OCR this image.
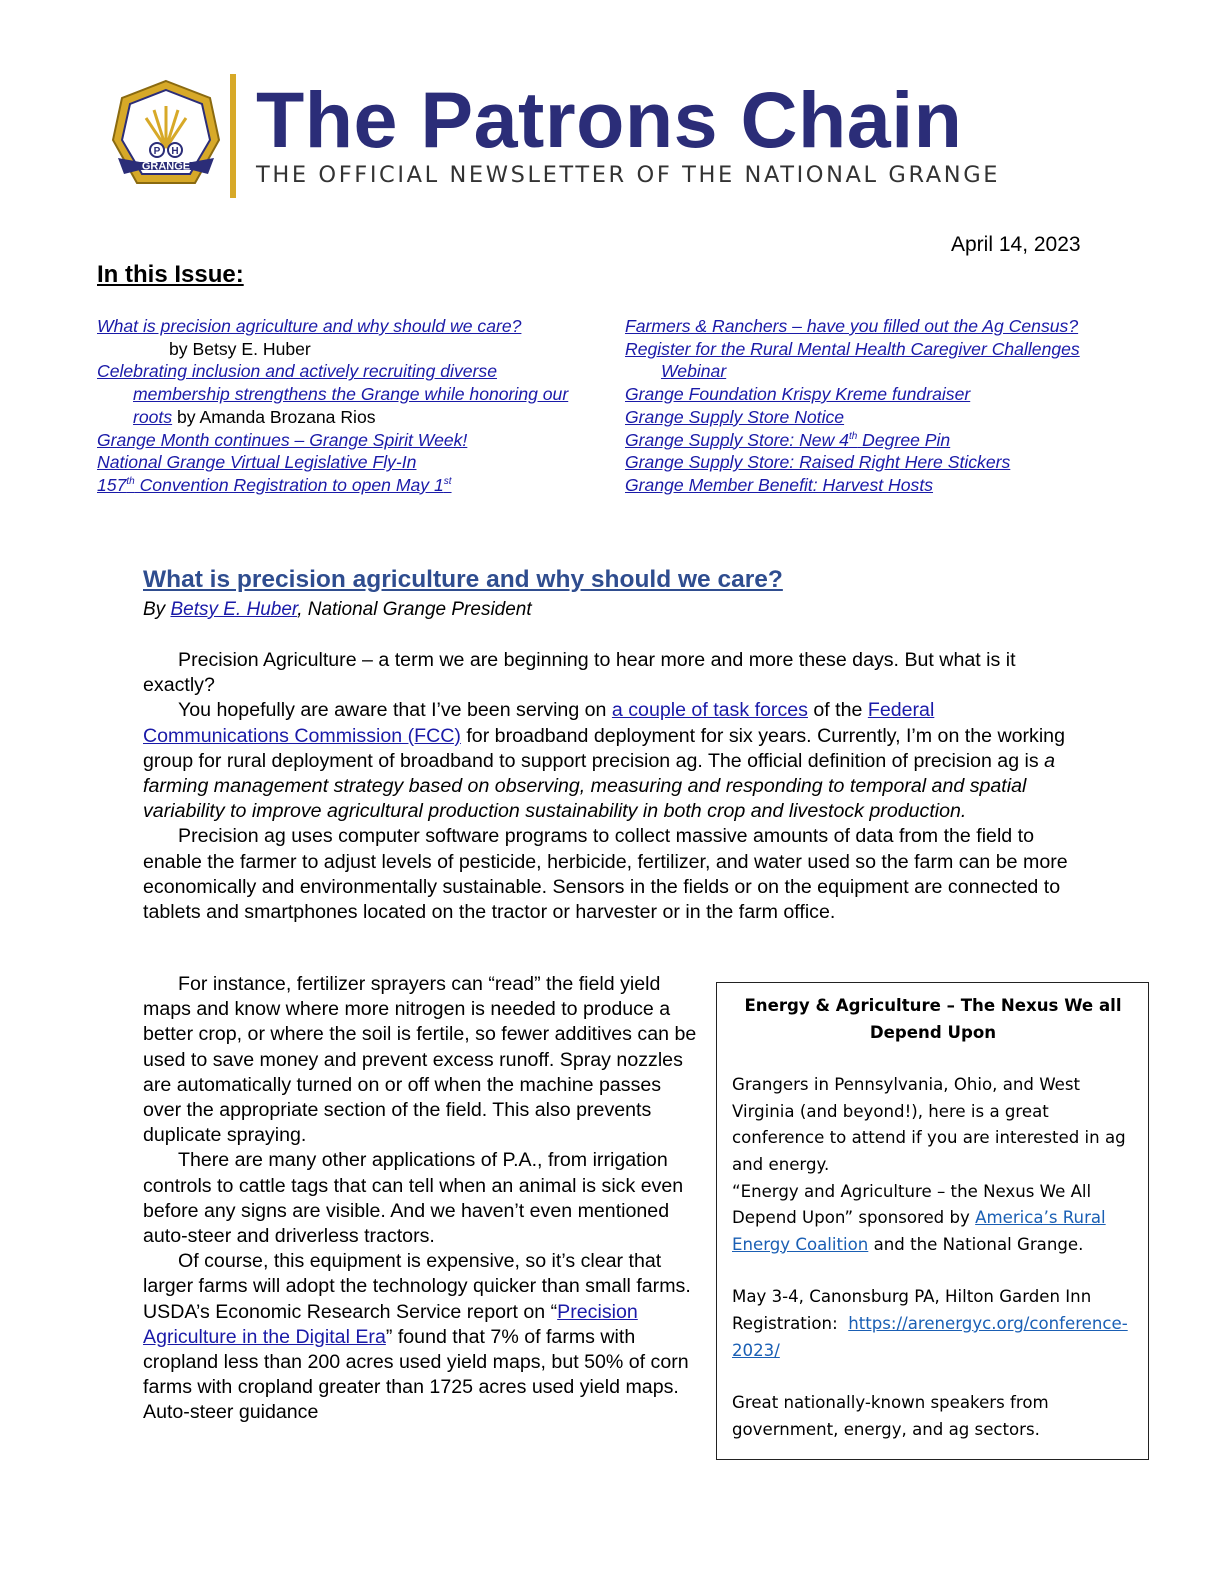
P H
GRANGE
The Patrons Chain
THE OFFICIAL NEWSLETTER OF THE NATIONAL GRANGE
April 14, 2023
In this Issue:
What is precision agriculture and why should we care?
by Betsy E. Huber
Celebrating inclusion and actively recruiting diverse membership strengthens the Grange while honoring our roots by Amanda Brozana Rios
Grange Month continues – Grange Spirit Week!
National Grange Virtual Legislative Fly-In
157th Convention Registration to open May 1st
Farmers & Ranchers – have you filled out the Ag Census?
Register for the Rural Mental Health Caregiver Challenges Webinar
Grange Foundation Krispy Kreme fundraiser
Grange Supply Store Notice
Grange Supply Store: New 4th Degree Pin
Grange Supply Store: Raised Right Here Stickers
Grange Member Benefit: Harvest Hosts
What is precision agriculture and why should we care?
By Betsy E. Huber, National Grange President

Precision Agriculture – a term we are beginning to hear more and more these days. But what is it exactly?

You hopefully are aware that I’ve been serving on a couple of task forces of the Federal Communications Commission (FCC) for broadband deployment for six years. Currently, I’m on the working group for rural deployment of broadband to support precision ag. The official definition of precision ag is a farming management strategy based on observing, measuring and responding to temporal and spatial variability to improve agricultural production sustainability in both crop and livestock production.

Precision ag uses computer software programs to collect massive amounts of data from the field to enable the farmer to adjust levels of pesticide, herbicide, fertilizer, and water used so the farm can be more economically and environmentally sustainable. Sensors in the fields or on the equipment are connected to tablets and smartphones located on the tractor or harvester or in the farm office.

For instance, fertilizer sprayers can “read” the field yield maps and know where more nitrogen is needed to produce a better crop, or where the soil is fertile, so fewer additives can be used to save money and prevent excess runoff. Spray nozzles are automatically turned on or off when the machine passes over the appropriate section of the field. This also prevents duplicate spraying.

There are many other applications of P.A., from irrigation controls to cattle tags that can tell when an animal is sick even before any signs are visible. And we haven’t even mentioned auto-steer and driverless tractors.

Of course, this equipment is expensive, so it’s clear that larger farms will adopt the technology quicker than small farms. USDA’s Economic Research Service report on “Precision Agriculture in the Digital Era” found that 7% of farms with cropland less than 200 acres used yield maps, but 50% of corn farms with cropland greater than 1725 acres used yield maps. Auto-steer guidance

Energy & Agriculture – The Nexus We all Depend Upon

Grangers in Pennsylvania, Ohio, and West Virginia (and beyond!), here is a great conference to attend if you are interested in ag and energy.

“Energy and Agriculture – the Nexus We All Depend Upon” sponsored by America’s Rural Energy Coalition and the National Grange.

May 3-4, Canonsburg PA, Hilton Garden Inn

Registration:  https://arenergyc.org/conference-2023/

Great nationally-known speakers from government, energy, and ag sectors.
